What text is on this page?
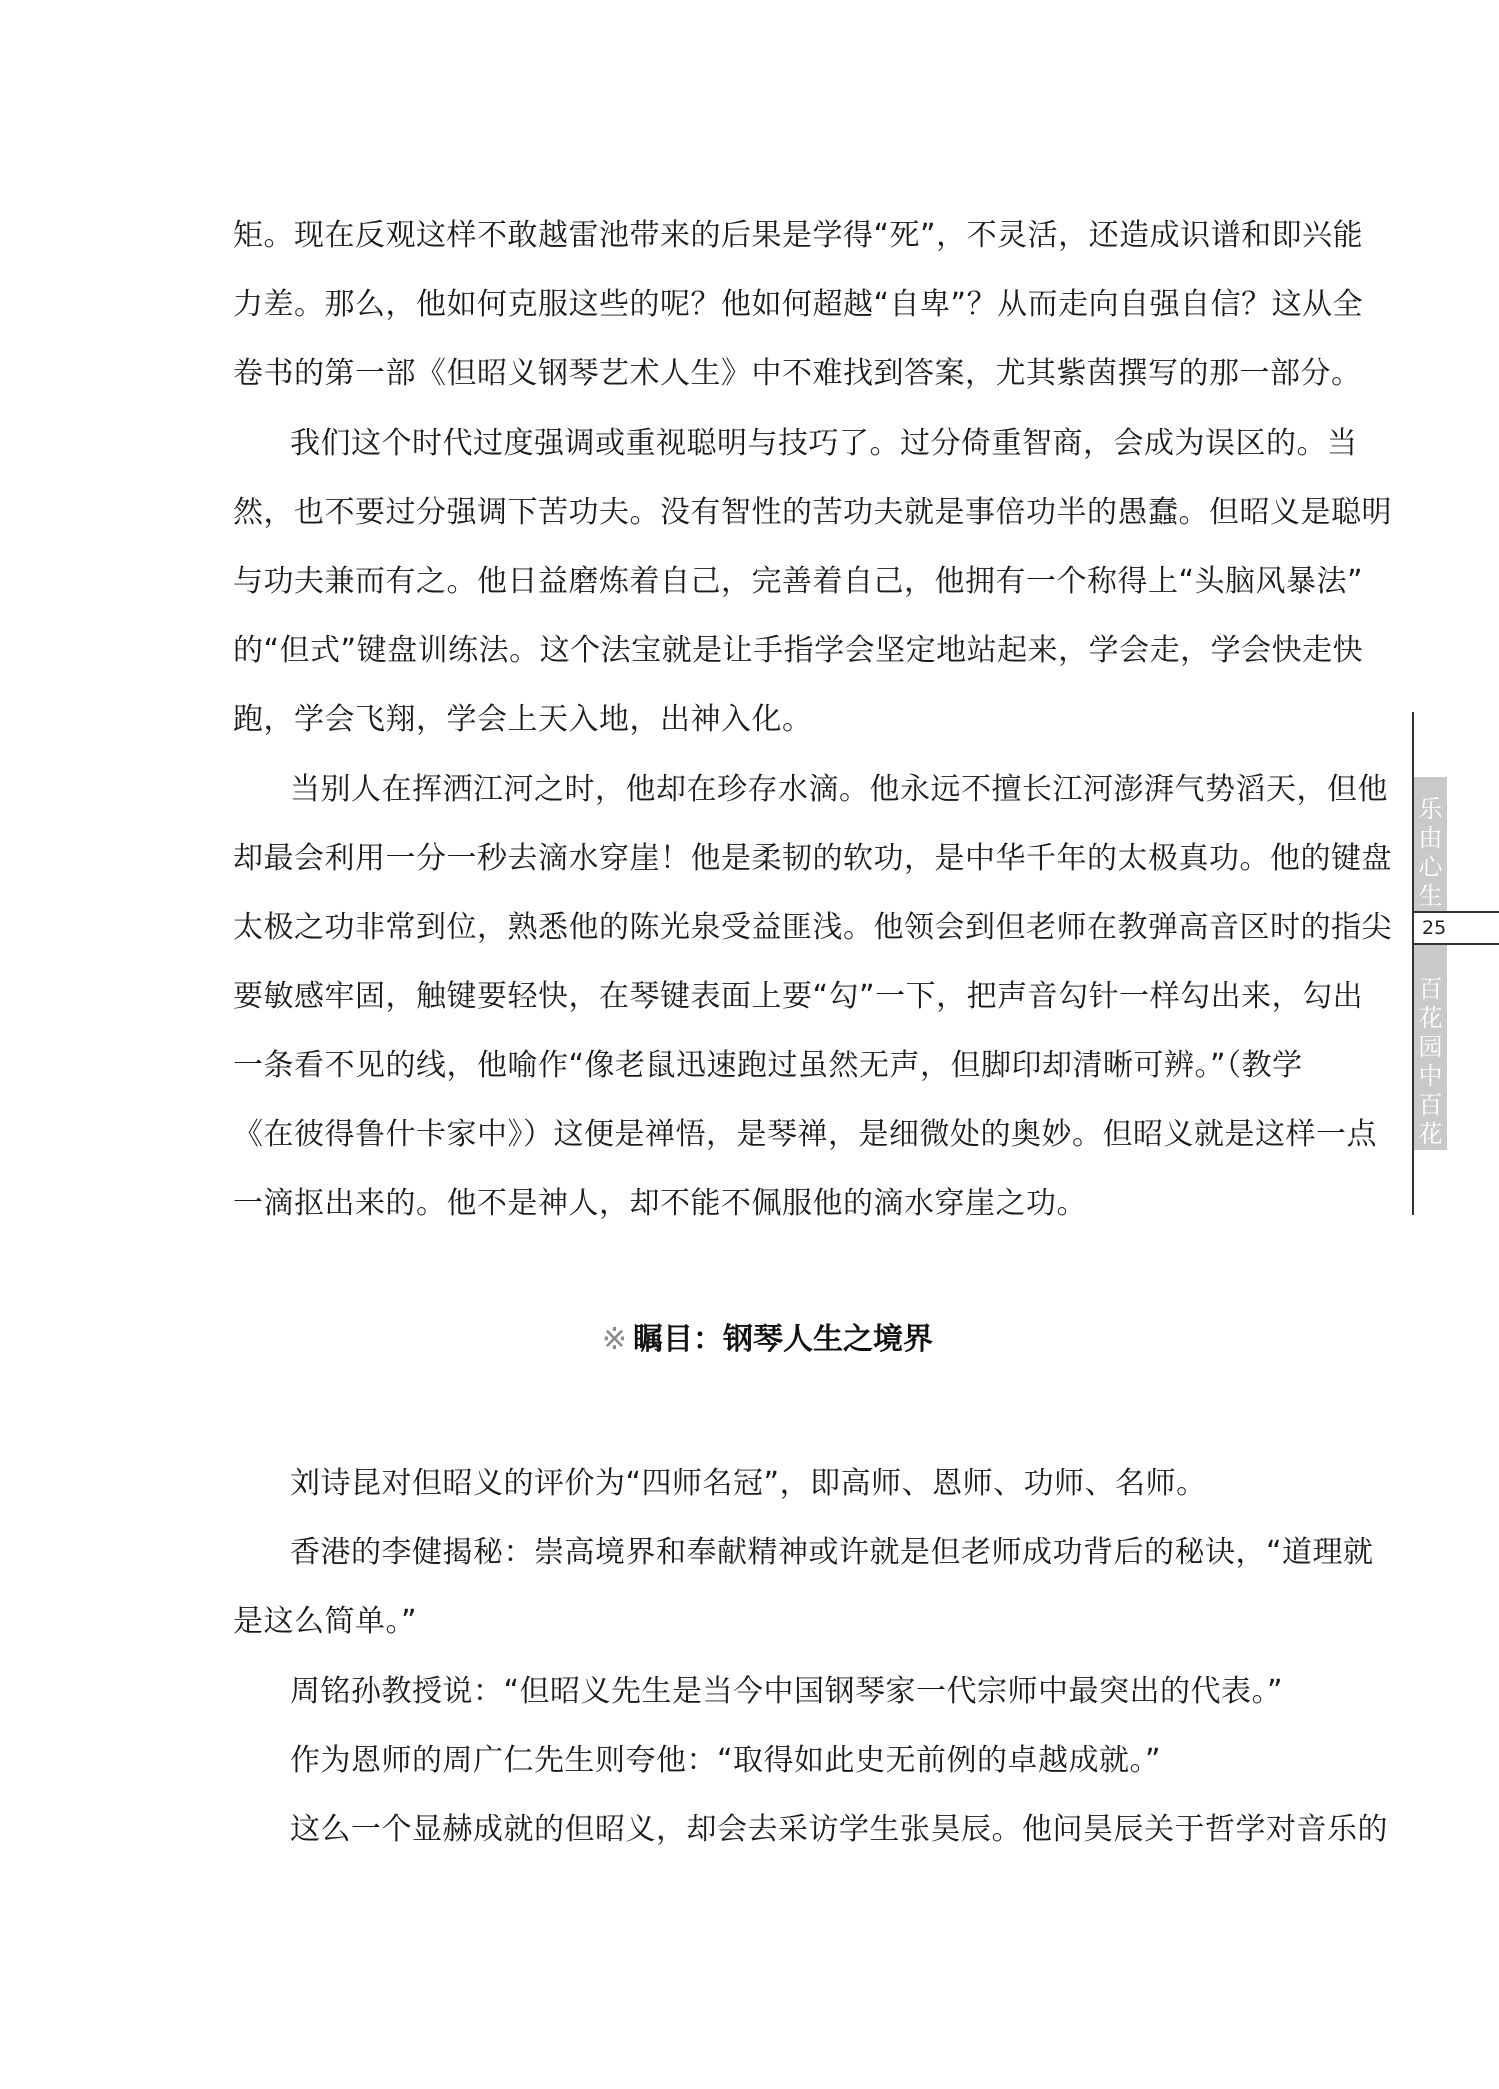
矩。现在反观这样不敢越雷池带来的后果是学得“死”，不灵活，还造成识谱和即兴能
力差。那么，他如何克服这些的呢？他如何超越“自卑”？从而走向自强自信？这从全
卷书的第一部《但昭义钢琴艺术人生》中不难找到答案，尤其紫茵撰写的那一部分。
我们这个时代过度强调或重视聪明与技巧了。过分倚重智商，会成为误区的。当
然，也不要过分强调下苦功夫。没有智性的苦功夫就是事倍功半的愚蠢。但昭义是聪明
与功夫兼而有之。他日益磨炼着自己，完善着自己，他拥有一个称得上“头脑风暴法”
的“但式”键盘训练法。这个法宝就是让手指学会坚定地站起来，学会走，学会快走快
跑，学会飞翔，学会上天入地，出神入化。
当别人在挥洒江河之时，他却在珍存水滴。他永远不擅长江河澎湃气势滔天，但他
却最会利用一分一秒去滴水穿崖！他是柔韧的软功，是中华千年的太极真功。他的键盘
太极之功非常到位，熟悉他的陈光泉受益匪浅。他领会到但老师在教弹高音区时的指尖
要敏感牢固，触键要轻快，在琴键表面上要“勾”一下，把声音勾针一样勾出来，勾出
一条看不见的线，他喻作“像老鼠迅速跑过虽然无声，但脚印却清晰可辨。”（教学
《在彼得鲁什卡家中》）这便是禅悟，是琴禅，是细微处的奥妙。但昭义就是这样一点
一滴抠出来的。他不是神人，却不能不佩服他的滴水穿崖之功。
※ 瞩目：钢琴人生之境界
刘诗昆对但昭义的评价为“四师名冠”，即高师、恩师、功师、名师。
香港的李健揭秘：崇高境界和奉献精神或许就是但老师成功背后的秘诀，“道理就
是这么简单。”
周铭孙教授说：“但昭义先生是当今中国钢琴家一代宗师中最突出的代表。”
作为恩师的周广仁先生则夸他：“取得如此史无前例的卓越成就。”
这么一个显赫成就的但昭义，却会去采访学生张昊辰。他问昊辰关于哲学对音乐的
乐由心生
25
百花园中百花开
